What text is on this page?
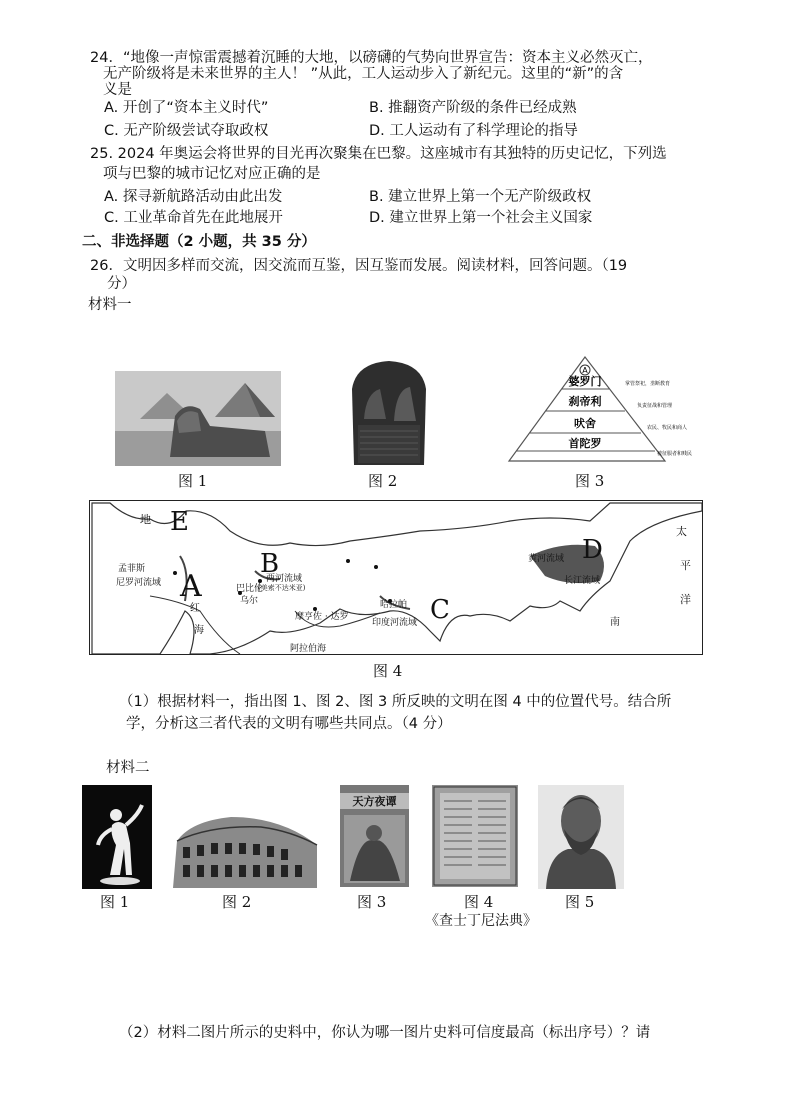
24．“地像一声惊雷震撼着沉睡的大地，以磅礴的气势向世界宣告：资本主义必然灭亡，
无产阶级将是未来世界的主人！ ”从此，工人运动步入了新纪元。这里的“新”的含
义是
A. 开创了“资本主义时代”	B. 推翻资产阶级的条件已经成熟
C. 无产阶级尝试夺取政权	D. 工人运动有了科学理论的指导
25. 2024 年奥运会将世界的目光再次聚集在巴黎。这座城市有其独特的历史记忆，下列选
项与巴黎的城市记忆对应正确的是
A. 探寻新航路活动由此出发	B. 建立世界上第一个无产阶级政权
C. 工业革命首先在此地展开	D. 建立世界上第一个社会主义国家
二、非选择题（2 小题，共 35 分）
26．文明因多样而交流，因交流而互鉴，因互鉴而发展。阅读材料，回答问题。（19
分）
材料一
图 1	图 2
A
婆罗门
刹帝利
吠舍
首陀罗
掌管祭祀，垄断教育
负责征战和管理
农民、牧民和商人
被征服者和贱民
图 3
E
A
B
C
D
地
孟菲斯
尼罗河流域	两河流域
(美索不达米亚)
巴比伦
乌尔
摩亨佐 · 达罗
哈拉帕
印度河流域
黄河流域
长江流域
红
海
阿拉伯海
太
平
洋
南
图 4
（1）根据材料一，指出图 1、图 2、图 3 所反映的文明在图 4 中的位置代号。结合所
学，分析这三者代表的文明有哪些共同点。（4 分）
材料二
图 1	图 2
天方夜谭
图 3	图 4
《查士丁尼法典》
图 5
（2）材料二图片所示的史料中，你认为哪一图片史料可信度最高（标出序号）？请
